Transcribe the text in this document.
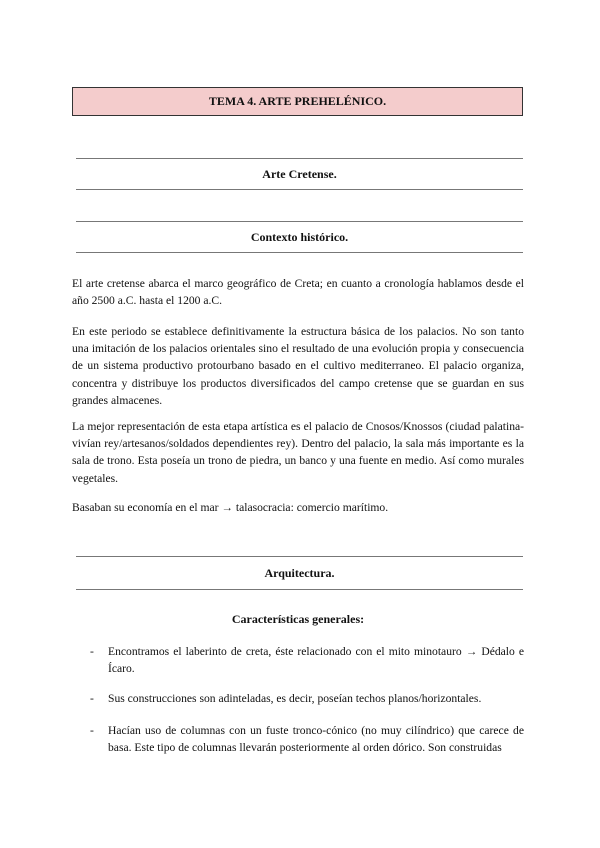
TEMA 4. ARTE PREHELÉNICO.
Arte Cretense.
Contexto histórico.

El arte cretense abarca el marco geográfico de Creta; en cuanto a cronología hablamos desde el año 2500 a.C. hasta el 1200 a.C.

En este periodo se establece definitivamente la estructura básica de los palacios. No son tanto una imitación de los palacios orientales sino el resultado de una evolución propia y consecuencia de un sistema productivo protourbano basado en el cultivo mediterraneo. El palacio organiza, concentra y distribuye los productos diversificados del campo cretense que se guardan en sus grandes almacenes.

La mejor representación de esta etapa artística es el palacio de Cnosos/Knossos (ciudad palatina-vivían rey/artesanos/soldados dependientes rey). Dentro del palacio, la sala más importante es la sala de trono. Esta poseía un trono de piedra, un banco y una fuente en medio. Así como murales vegetales.

Basaban su economía en el mar → talasocracia: comercio marítimo.

Arquitectura.
Características generales:
- Encontramos el laberinto de creta, éste relacionado con el mito minotauro → Dédalo e Ícaro.
- Sus construcciones son adinteladas, es decir, poseían techos planos/horizontales.
- Hacían uso de columnas con un fuste tronco-cónico (no muy cilíndrico) que carece de basa. Este tipo de columnas llevarán posteriormente al orden dórico. Son construidas
